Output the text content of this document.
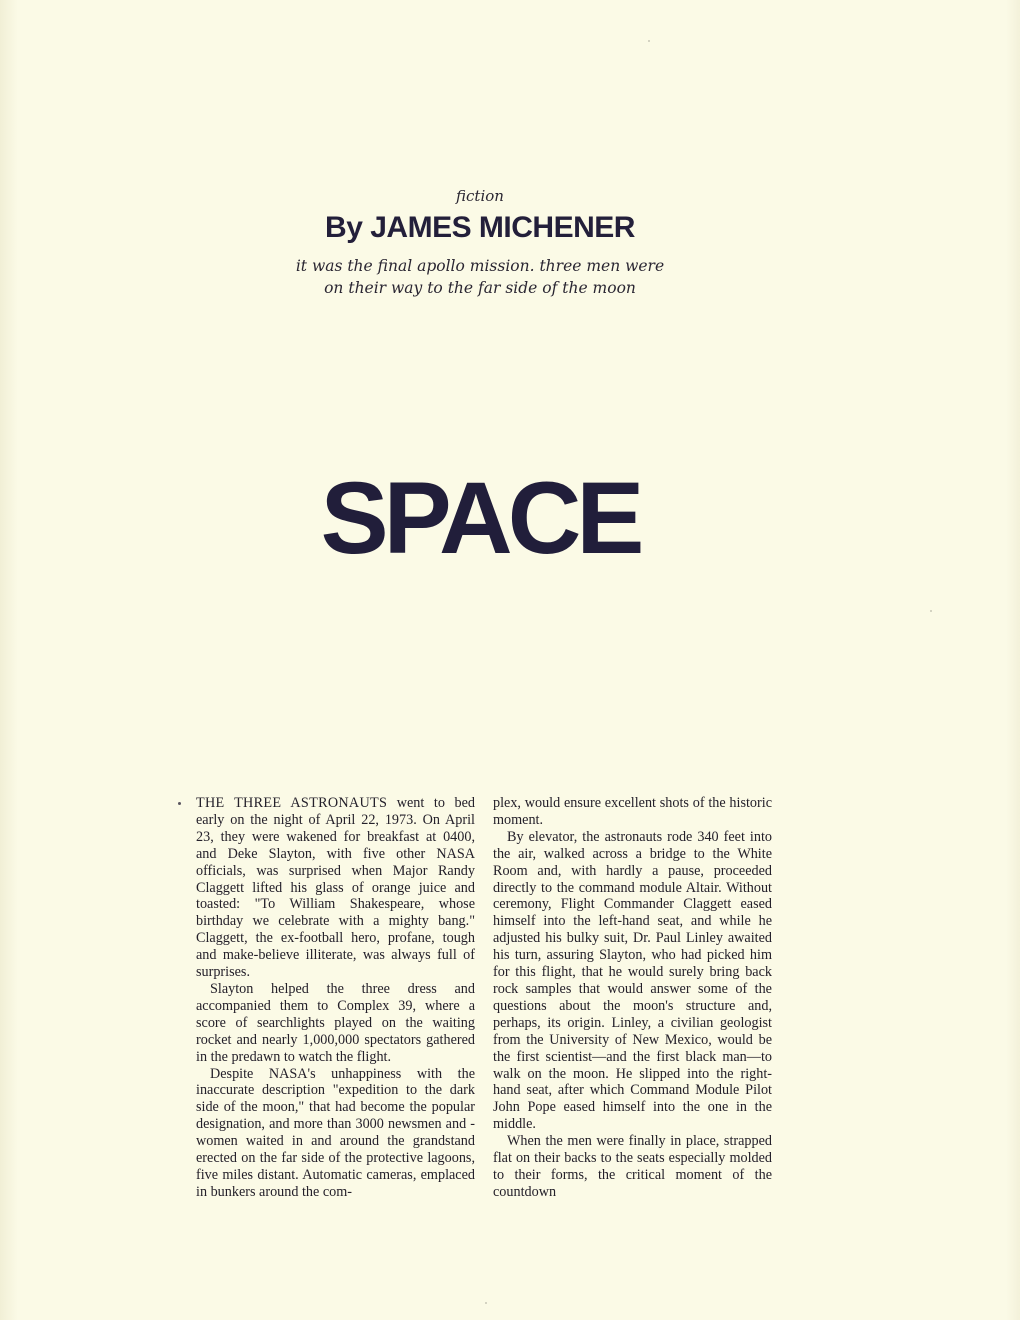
fiction

By JAMES MICHENER

it was the final apollo mission. three men were on their way to the far side of the moon

SPACE

THE THREE ASTRONAUTS went to bed early on the night of April 22, 1973. On April 23, they were wakened for breakfast at 0400, and Deke Slayton, with five other NASA officials, was surprised when Major Randy Claggett lifted his glass of orange juice and toasted: "To William Shakespeare, whose birthday we celebrate with a mighty bang." Claggett, the ex-football hero, profane, tough and make-believe illiterate, was always full of surprises.

Slayton helped the three dress and accompanied them to Complex 39, where a score of searchlights played on the waiting rocket and nearly 1,000,000 spectators gathered in the predawn to watch the flight.

Despite NASA's unhappiness with the inaccurate description "expedition to the dark side of the moon," that had become the popular designation, and more than 3000 newsmen and -women waited in and around the grandstand erected on the far side of the protective lagoons, five miles distant. Automatic cameras, emplaced in bunkers around the com-

plex, would ensure excellent shots of the historic moment.

By elevator, the astronauts rode 340 feet into the air, walked across a bridge to the White Room and, with hardly a pause, proceeded directly to the command module Altair. Without ceremony, Flight Commander Claggett eased himself into the left-hand seat, and while he adjusted his bulky suit, Dr. Paul Linley awaited his turn, assuring Slayton, who had picked him for this flight, that he would surely bring back rock samples that would answer some of the questions about the moon's structure and, perhaps, its origin. Linley, a civilian geologist from the University of New Mexico, would be the first scientist—and the first black man—to walk on the moon. He slipped into the right-hand seat, after which Command Module Pilot John Pope eased himself into the one in the middle.

When the men were finally in place, strapped flat on their backs to the seats especially molded to their forms, the critical moment of the countdown
